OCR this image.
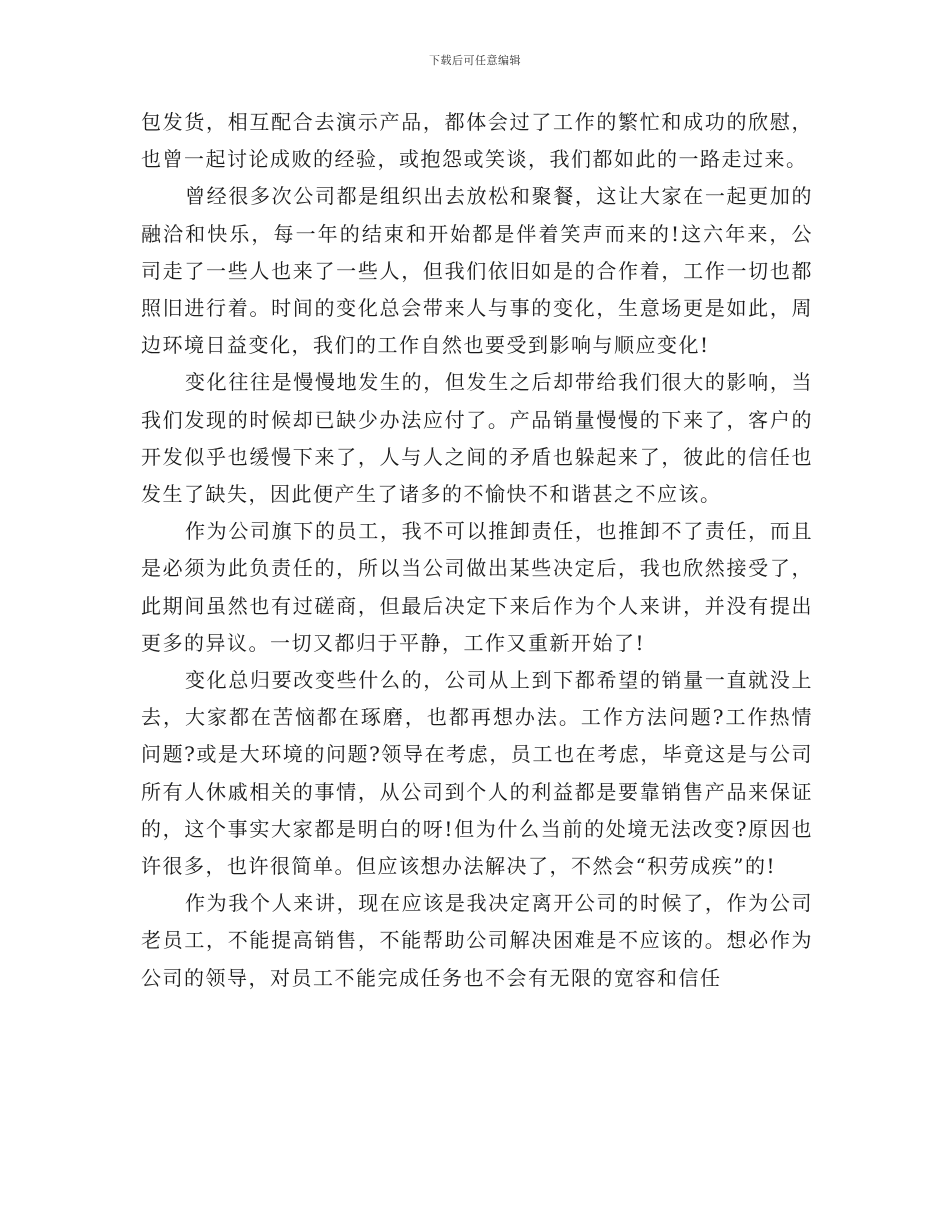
下载后可任意编辑

包发货，相互配合去演示产品，都体会过了工作的繁忙和成功的欣慰，也曾一起讨论成败的经验，或抱怨或笑谈，我们都如此的一路走过来。

曾经很多次公司都是组织出去放松和聚餐，这让大家在一起更加的融洽和快乐，每一年的结束和开始都是伴着笑声而来的!这六年来，公司走了一些人也来了一些人，但我们依旧如是的合作着，工作一切也都照旧进行着。时间的变化总会带来人与事的变化，生意场更是如此，周边环境日益变化，我们的工作自然也要受到影响与顺应变化!

变化往往是慢慢地发生的，但发生之后却带给我们很大的影响，当我们发现的时候却已缺少办法应付了。产品销量慢慢的下来了，客户的开发似乎也缓慢下来了，人与人之间的矛盾也躲起来了，彼此的信任也发生了缺失，因此便产生了诸多的不愉快不和谐甚之不应该。

作为公司旗下的员工，我不可以推卸责任，也推卸不了责任，而且是必须为此负责任的，所以当公司做出某些决定后，我也欣然接受了，此期间虽然也有过磋商，但最后决定下来后作为个人来讲，并没有提出更多的异议。一切又都归于平静，工作又重新开始了!

变化总归要改变些什么的，公司从上到下都希望的销量一直就没上去，大家都在苦恼都在琢磨，也都再想办法。工作方法问题?工作热情问题?或是大环境的问题?领导在考虑，员工也在考虑，毕竟这是与公司所有人休戚相关的事情，从公司到个人的利益都是要靠销售产品来保证的，这个事实大家都是明白的呀!但为什么当前的处境无法改变?原因也许很多，也许很简单。但应该想办法解决了，不然会“积劳成疾”的!

作为我个人来讲，现在应该是我决定离开公司的时候了，作为公司老员工，不能提高销售，不能帮助公司解决困难是不应该的。想必作为公司的领导，对员工不能完成任务也不会有无限的宽容和信任
